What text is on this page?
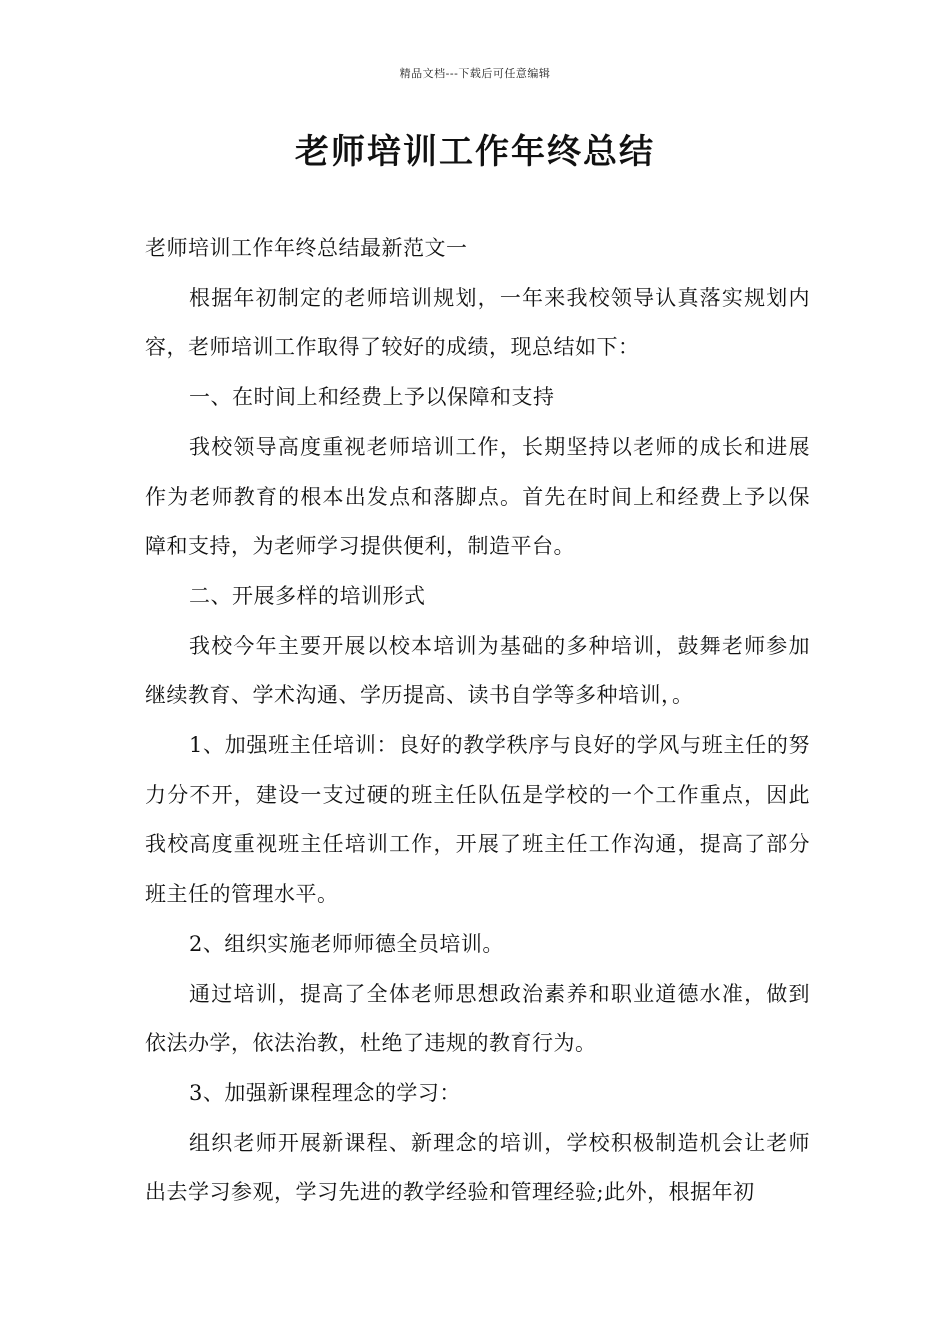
精品文档---下载后可任意编辑
老师培训工作年终总结

老师培训工作年终总结最新范文一

根据年初制定的老师培训规划，一年来我校领导认真落实规划内容，老师培训工作取得了较好的成绩，现总结如下：

一、在时间上和经费上予以保障和支持

我校领导高度重视老师培训工作，长期坚持以老师的成长和进展作为老师教育的根本出发点和落脚点。首先在时间上和经费上予以保障和支持，为老师学习提供便利，制造平台。

二、开展多样的培训形式

我校今年主要开展以校本培训为基础的多种培训，鼓舞老师参加继续教育、学术沟通、学历提高、读书自学等多种培训，。

1、加强班主任培训：良好的教学秩序与良好的学风与班主任的努力分不开，建设一支过硬的班主任队伍是学校的一个工作重点，因此我校高度重视班主任培训工作，开展了班主任工作沟通，提高了部分班主任的管理水平。

2、组织实施老师师德全员培训。

通过培训，提高了全体老师思想政治素养和职业道德水准，做到依法办学，依法治教，杜绝了违规的教育行为。

3、加强新课程理念的学习：

组织老师开展新课程、新理念的培训，学校积极制造机会让老师出去学习参观，学习先进的教学经验和管理经验;此外，根据年初
